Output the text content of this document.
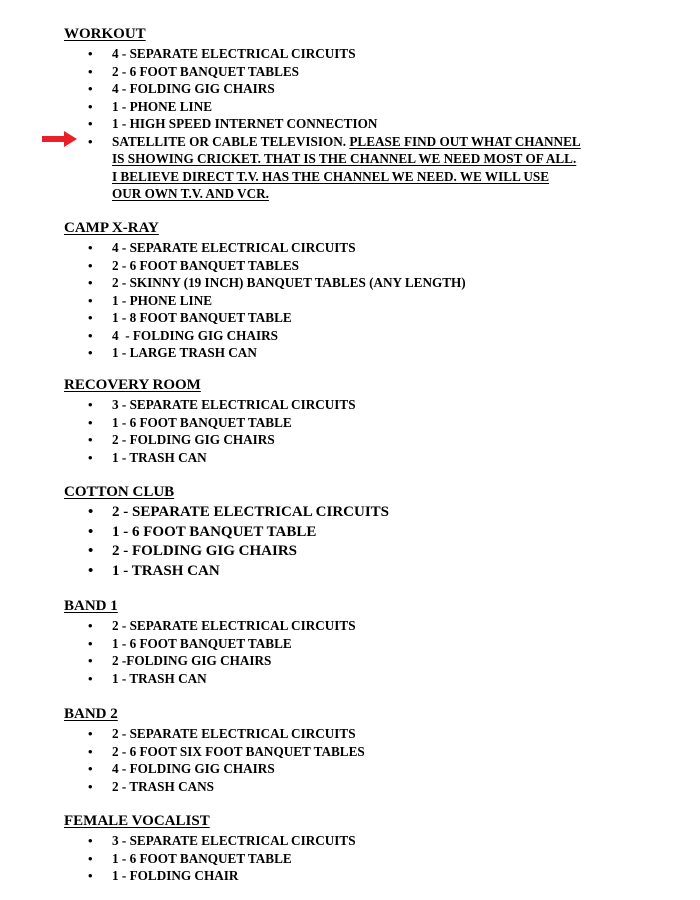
WORKOUT
• 4 - SEPARATE ELECTRICAL CIRCUITS
• 2 - 6 FOOT BANQUET TABLES
• 4 - FOLDING GIG CHAIRS
• 1 - PHONE LINE
• 1 - HIGH SPEED INTERNET CONNECTION
• SATELLITE OR CABLE TELEVISION. PLEASE FIND OUT WHAT CHANNEL
IS SHOWING CRICKET. THAT IS THE CHANNEL WE NEED MOST OF ALL.
I BELIEVE DIRECT T.V. HAS THE CHANNEL WE NEED. WE WILL USE
OUR OWN T.V. AND VCR.
CAMP X-RAY
• 4 - SEPARATE ELECTRICAL CIRCUITS
• 2 - 6 FOOT BANQUET TABLES
• 2 - SKINNY (19 INCH) BANQUET TABLES (ANY LENGTH)
• 1 - PHONE LINE
• 1 - 8 FOOT BANQUET TABLE
• 4  - FOLDING GIG CHAIRS
• 1 - LARGE TRASH CAN
RECOVERY ROOM
• 3 - SEPARATE ELECTRICAL CIRCUITS
• 1 - 6 FOOT BANQUET TABLE
• 2 - FOLDING GIG CHAIRS
• 1 - TRASH CAN
COTTON CLUB
• 2 - SEPARATE ELECTRICAL CIRCUITS
• 1 - 6 FOOT BANQUET TABLE
• 2 - FOLDING GIG CHAIRS
• 1 - TRASH CAN
BAND 1
• 2 - SEPARATE ELECTRICAL CIRCUITS
• 1 - 6 FOOT BANQUET TABLE
• 2 -FOLDING GIG CHAIRS
• 1 - TRASH CAN
BAND 2
• 2 - SEPARATE ELECTRICAL CIRCUITS
• 2 - 6 FOOT SIX FOOT BANQUET TABLES
• 4 - FOLDING GIG CHAIRS
• 2 - TRASH CANS
FEMALE VOCALIST
• 3 - SEPARATE ELECTRICAL CIRCUITS
• 1 - 6 FOOT BANQUET TABLE
• 1 - FOLDING CHAIR
